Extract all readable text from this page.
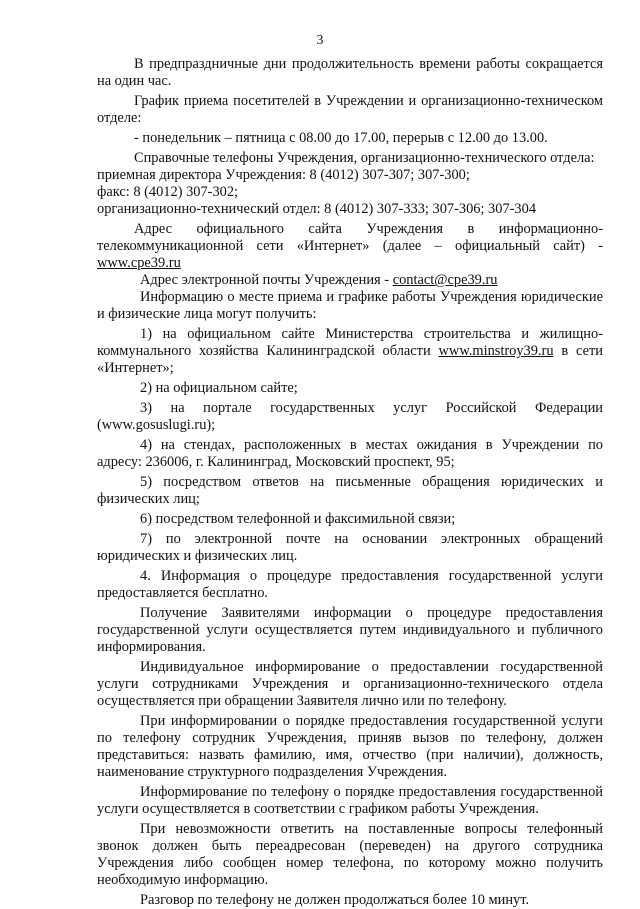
3

В предпраздничные дни продолжительность времени работы сокращается на один час.

График приема посетителей в Учреждении и организационно-техническом отделе:

- понедельник – пятница с 08.00 до 17.00, перерыв с 12.00 до 13.00.

Справочные телефоны Учреждения, организационно-технического отдела:

приемная директора Учреждения: 8 (4012) 307-307; 307-300;

факс: 8 (4012) 307-302;

организационно-технический отдел: 8 (4012) 307-333; 307-306; 307-304

Адрес официального сайта Учреждения в информационно-телекоммуникационной сети «Интернет» (далее – официальный сайт) - www.cpe39.ru

Адрес электронной почты Учреждения - contact@cpe39.ru

Информацию о месте приема и графике работы Учреждения юридические и физические лица могут получить:

1) на официальном сайте Министерства строительства и жилищно-коммунального хозяйства Калининградской области www.minstroy39.ru в сети «Интернет»;

2) на официальном сайте;

3) на портале государственных услуг Российской Федерации (www.gosuslugi.ru);

4) на стендах, расположенных в местах ожидания в Учреждении по адресу: 236006, г. Калининград, Московский проспект, 95;

5) посредством ответов на письменные обращения юридических и физических лиц;

6) посредством телефонной и факсимильной связи;

7) по электронной почте на основании электронных обращений юридических и физических лиц.

4. Информация о процедуре предоставления государственной услуги предоставляется бесплатно.

Получение Заявителями информации о процедуре предоставления государственной услуги осуществляется путем индивидуального и публичного информирования.

Индивидуальное информирование о предоставлении государственной услуги сотрудниками Учреждения и организационно-технического отдела осуществляется при обращении Заявителя лично или по телефону.

При информировании о порядке предоставления государственной услуги по телефону сотрудник Учреждения, приняв вызов по телефону, должен представиться: назвать фамилию, имя, отчество (при наличии), должность, наименование структурного подразделения Учреждения.

Информирование по телефону о порядке предоставления государственной услуги осуществляется в соответствии с графиком работы Учреждения.

При невозможности ответить на поставленные вопросы телефонный звонок должен быть переадресован (переведен) на другого сотрудника Учреждения либо сообщен номер телефона, по которому можно получить необходимую информацию.

Разговор по телефону не должен продолжаться более 10 минут.
